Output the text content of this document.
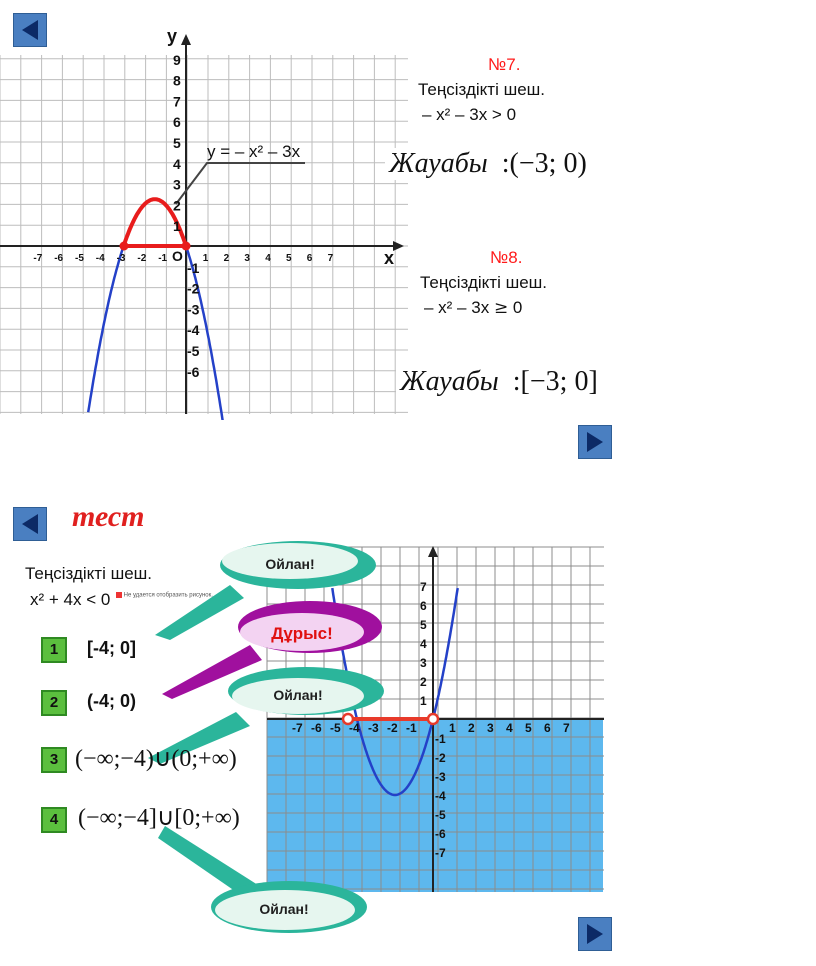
-7 -6 -5 -4 -3 -2 -1	1 2 3 4 5 6 7
1
2
3
4
5
6
7
8
9
-1
-2
-3
-4
-5
-6
y
x
O
y = – x² – 3x
№7.
Теңсіздікті шеш.
– x² – 3x > 0
Жауабы :(−3; 0)
№8.
Теңсіздікті шеш.
– x² – 3x ≥ 0
Жауабы :[−3; 0]
тест
-7 -6 -5 -4 -3 -2 -1	1 2 3 4 5 6 7
1
2
3
4
5
6
7
-1
-2
-3
-4
-5
-6
-7
Ойлан!
Дұрыс!
Ойлан!
Ойлан!
Теңсіздікті шеш.
x² + 4x < 0	Не удается отобразить рисунок.
1	[-4; 0]
2	(-4; 0)
3 (−∞;−4)∪(0;+∞)
4 (−∞;−4]∪[0;+∞)
